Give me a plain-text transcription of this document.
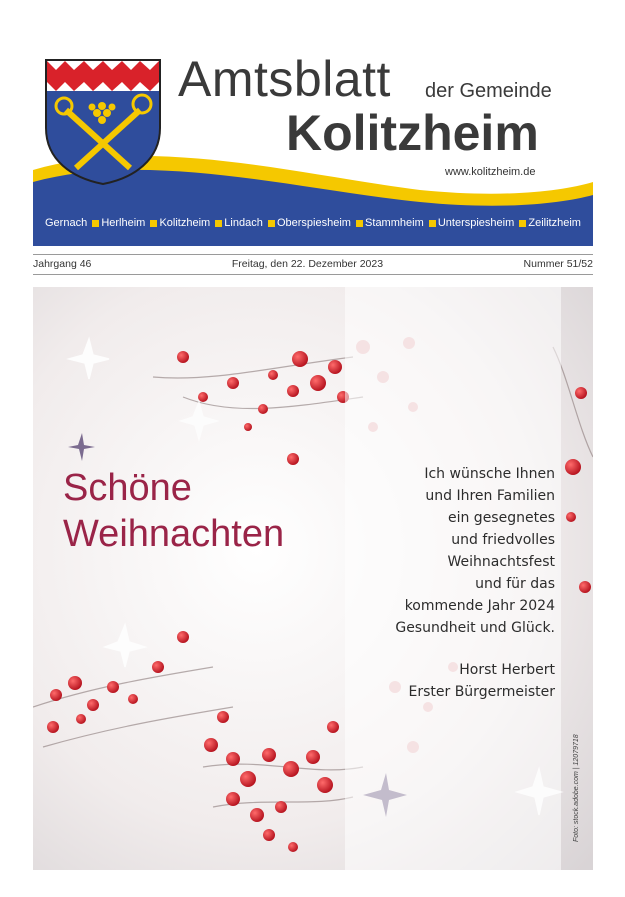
Amtsblatt der Gemeinde
Kolitzheim
www.kolitzheim.de
Gernach Herlheim Kolitzheim Lindach Oberspiesheim Stammheim Unterspiesheim Zeilitzheim
Jahrgang 46	Freitag, den 22. Dezember 2023	Nummer 51/52
Schöne
Weihnachten
Ich wünsche Ihnen
und Ihren Familien
ein gesegnetes
und friedvolles
Weihnachtsfest
und für das
kommende Jahr 2024
Gesundheit und Glück.
Horst Herbert
Erster Bürgermeister
Foto: stock.adobe.com | 12079718
